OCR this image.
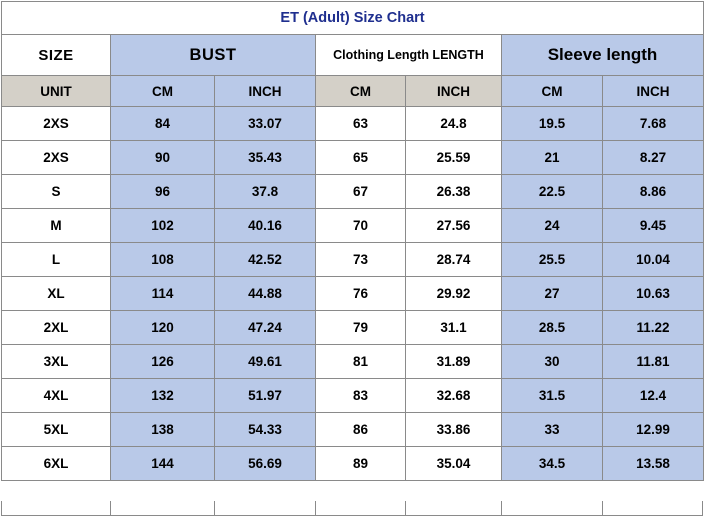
ET (Adult) Size Chart						
SIZE	BUST		Clothing Length LENGTH		Sleeve length	
UNIT	CM	INCH	CM	INCH	CM	INCH
2XS	84	33.07	63	24.8	19.5	7.68
2XS	90	35.43	65	25.59	21	8.27
S	96	37.8	67	26.38	22.5	8.86
M	102	40.16	70	27.56	24	9.45
L	108	42.52	73	28.74	25.5	10.04
XL	114	44.88	76	29.92	27	10.63
2XL	120	47.24	79	31.1	28.5	11.22
3XL	126	49.61	81	31.89	30	11.81
4XL	132	51.97	83	32.68	31.5	12.4
5XL	138	54.33	86	33.86	33	12.99
6XL	144	56.69	89	35.04	34.5	13.58
